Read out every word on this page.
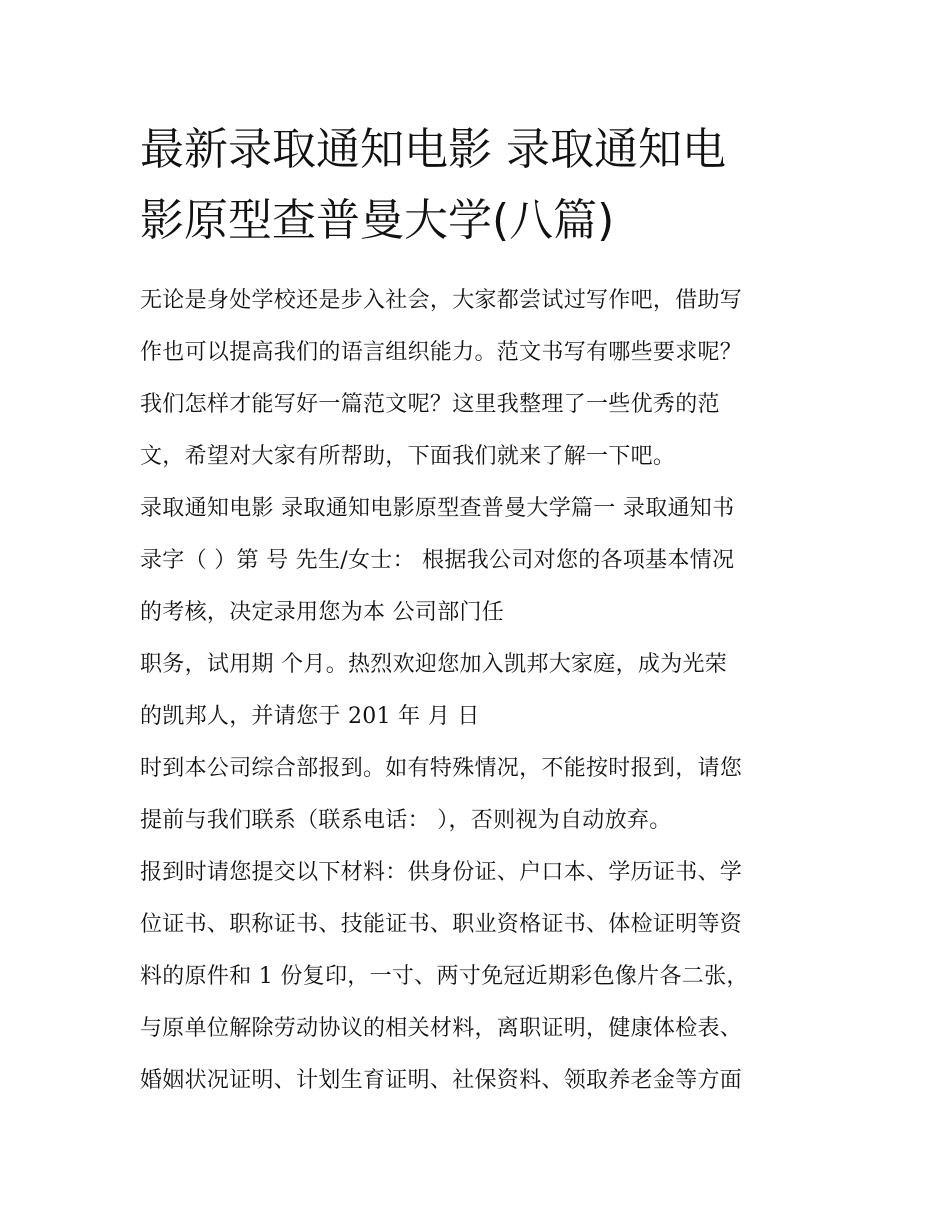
最新录取通知电影 录取通知电
影原型查普曼大学(八篇)
无论是身处学校还是步入社会，大家都尝试过写作吧，借助写
作也可以提高我们的语言组织能力。范文书写有哪些要求呢？
我们怎样才能写好一篇范文呢？这里我整理了一些优秀的范
文，希望对大家有所帮助，下面我们就来了解一下吧。
录取通知电影 录取通知电影原型查普曼大学篇一 录取通知书
录字（ ）第 号 先生/女士： 根据我公司对您的各项基本情况
的考核，决定录用您为本 公司部门任
职务，试用期 个月。热烈欢迎您加入凯邦大家庭，成为光荣
的凯邦人，并请您于 201 年 月 日
时到本公司综合部报到。如有特殊情况，不能按时报到，请您
提前与我们联系（联系电话： ），否则视为自动放弃。
报到时请您提交以下材料：供身份证、户口本、学历证书、学
位证书、职称证书、技能证书、职业资格证书、体检证明等资
料的原件和 1 份复印，一寸、两寸免冠近期彩色像片各二张，
与原单位解除劳动协议的相关材料，离职证明，健康体检表、
婚姻状况证明、计划生育证明、社保资料、领取养老金等方面
